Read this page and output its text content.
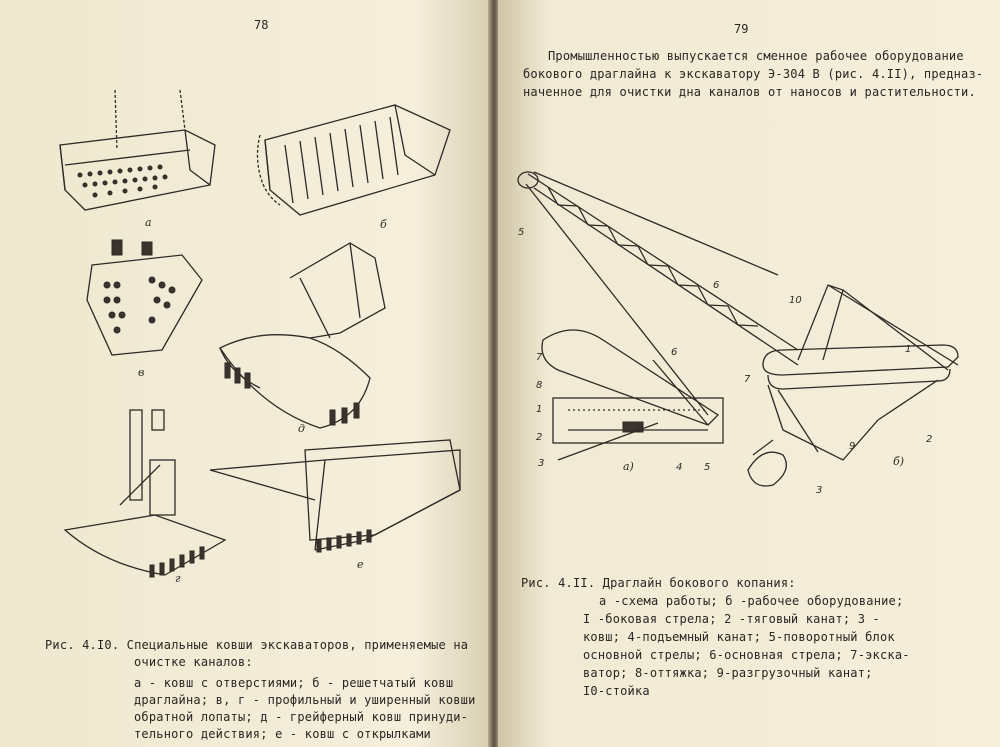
78
а	б
в
д
г
е
Рис. 4.I0. Специальные ковши экскаваторов, применяемые на
очистке каналов:
а - ковш с отверстиями; б - решетчатый ковш
драглайна; в, г - профильный и уширенный ковши
обратной лопаты; д - грейферный ковш принуди-
тельного действия; е - ковш с открылками
79
Промышленностью выпускается сменное рабочее оборудование
бокового драглайна к экскаватору Э-304 В (рис. 4.II), предназ-
наченное для очистки дна каналов от наносов и растительности.
5
6
10
1
7
2
9
3
б)
7
8
1
2
3	4 5
6
а)
Рис. 4.II. Драглайн бокового копания:
а -схема работы; б -рабочее оборудование;
I -боковая стрела; 2 -тяговый канат; 3 -
ковш; 4-подъемный канат; 5-поворотный блок
основной стрелы; 6-основная стрела; 7-экска-
ватор; 8-оттяжка; 9-разгрузочный канат;
I0-стойка
